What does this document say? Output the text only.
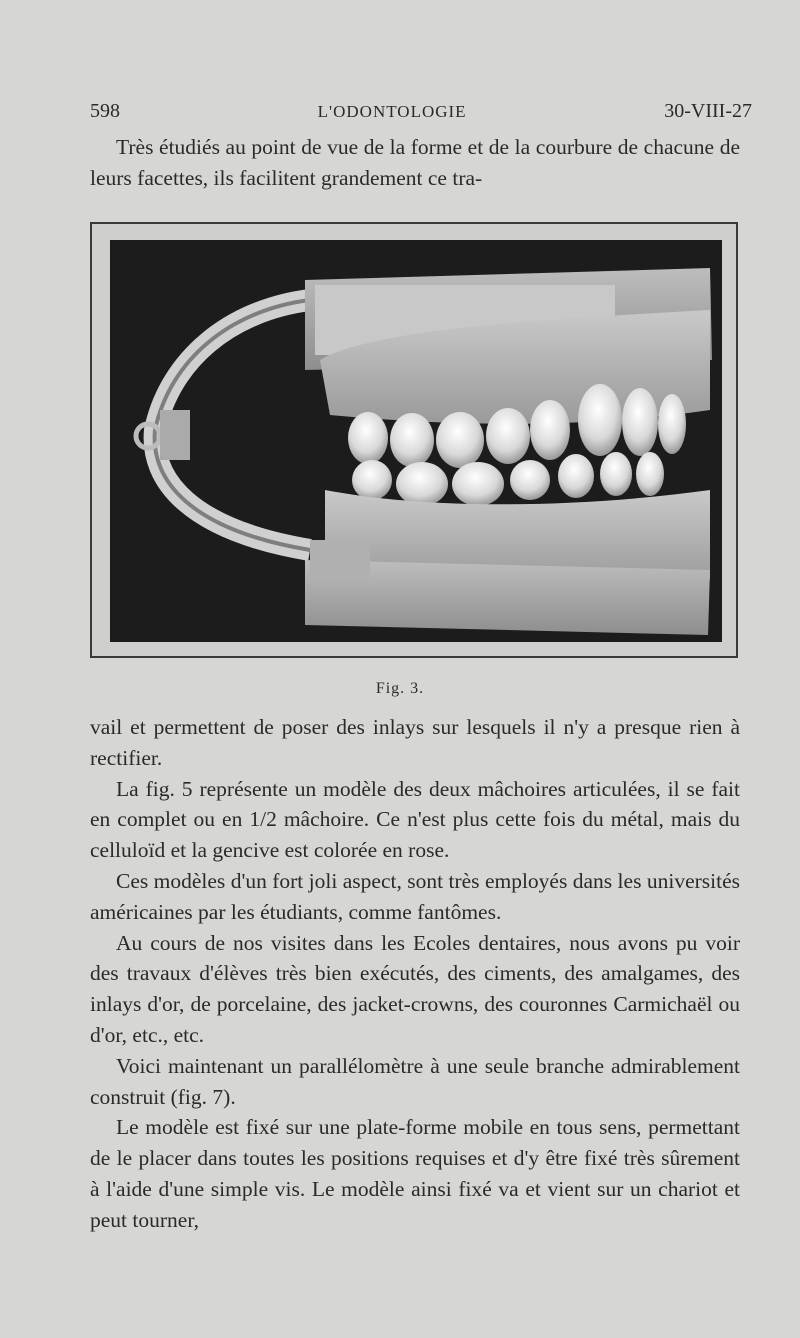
598	L'ODONTOLOGIE	30-VIII-27

Très étudiés au point de vue de la forme et de la courbure de chacune de leurs facettes, ils facilitent grandement ce tra-

Fig. 3.

vail et permettent de poser des inlays sur lesquels il n'y a presque rien à rectifier.

La fig. 5 représente un modèle des deux mâchoires articulées, il se fait en complet ou en 1/2 mâchoire. Ce n'est plus cette fois du métal, mais du celluloïd et la gencive est colorée en rose.

Ces modèles d'un fort joli aspect, sont très employés dans les universités américaines par les étudiants, comme fantômes.

Au cours de nos visites dans les Ecoles dentaires, nous avons pu voir des travaux d'élèves très bien exécutés, des ciments, des amalgames, des inlays d'or, de porcelaine, des jacket-crowns, des couronnes Carmichaël ou d'or, etc., etc.

Voici maintenant un parallélomètre à une seule branche admirablement construit (fig. 7).

Le modèle est fixé sur une plate-forme mobile en tous sens, permettant de le placer dans toutes les positions requises et d'y être fixé très sûrement à l'aide d'une simple vis. Le modèle ainsi fixé va et vient sur un chariot et peut tourner,
